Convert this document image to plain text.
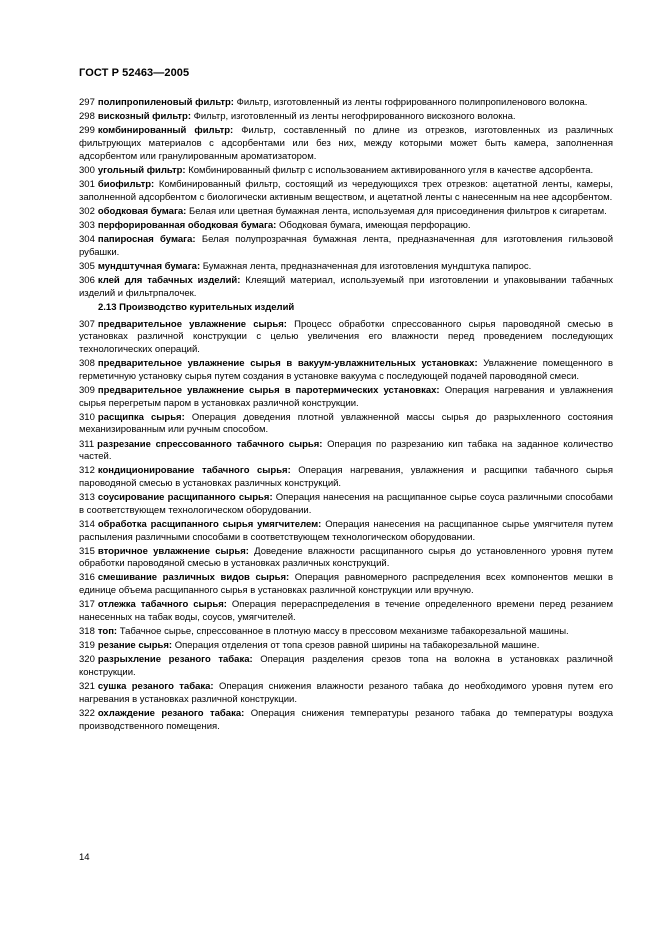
ГОСТ Р 52463—2005
297 полипропиленовый фильтр: Фильтр, изготовленный из ленты гофрированного полипропиленового волокна.
298 вискозный фильтр: Фильтр, изготовленный из ленты негофрированного вискозного волокна.
299 комбинированный фильтр: Фильтр, составленный по длине из отрезков, изготовленных из различных фильтрующих материалов с адсорбентами или без них, между которыми может быть камера, заполненная адсорбентом или гранулированным ароматизатором.
300 угольный фильтр: Комбинированный фильтр с использованием активированного угля в качестве адсорбента.
301 биофильтр: Комбинированный фильтр, состоящий из чередующихся трех отрезков: ацетатной ленты, камеры, заполненной адсорбентом с биологически активным веществом, и ацетатной ленты с нанесенным на нее адсорбентом.
302 ободковая бумага: Белая или цветная бумажная лента, используемая для присоединения фильтров к сигаретам.
303 перфорированная ободковая бумага: Ободковая бумага, имеющая перфорацию.
304 папиросная бумага: Белая полупрозрачная бумажная лента, предназначенная для изготовления гильзовой рубашки.
305 мундштучная бумага: Бумажная лента, предназначенная для изготовления мундштука папирос.
306 клей для табачных изделий: Клеящий материал, используемый при изготовлении и упаковывании табачных изделий и фильтрпалочек.
2.13 Производство курительных изделий
307 предварительное увлажнение сырья: Процесс обработки спрессованного сырья пароводяной смесью в установках различной конструкции с целью увеличения его влажности перед проведением последующих технологических операций.
308 предварительное увлажнение сырья в вакуум-увлажнительных установках: Увлажнение помещенного в герметичную установку сырья путем создания в установке вакуума с последующей подачей пароводяной смеси.
309 предварительное увлажнение сырья в паротермических установках: Операция нагревания и увлажнения сырья перегретым паром в установках различной конструкции.
310 расщипка сырья: Операция доведения плотной увлажненной массы сырья до разрыхленного состояния механизированным или ручным способом.
311 разрезание спрессованного табачного сырья: Операция по разрезанию кип табака на заданное количество частей.
312 кондиционирование табачного сырья: Операция нагревания, увлажнения и расщипки табачного сырья пароводяной смесью в установках различных конструкций.
313 соусирование расщипанного сырья: Операция нанесения на расщипанное сырье соуса различными способами в соответствующем технологическом оборудовании.
314 обработка расщипанного сырья умягчителем: Операция нанесения на расщипанное сырье умягчителя путем распыления различными способами в соответствующем технологическом оборудовании.
315 вторичное увлажнение сырья: Доведение влажности расщипанного сырья до установленного уровня путем обработки пароводяной смесью в установках различных конструкций.
316 смешивание различных видов сырья: Операция равномерного распределения всех компонентов мешки в единице объема расщипанного сырья в установках различной конструкции или вручную.
317 отлежка табачного сырья: Операция перераспределения в течение определенного времени перед резанием нанесенных на табак воды, соусов, умягчителей.
318 топ: Табачное сырье, спрессованное в плотную массу в прессовом механизме табакорезальной машины.
319 резание сырья: Операция отделения от топа срезов равной ширины на табакорезальной машине.
320 разрыхление резаного табака: Операция разделения срезов топа на волокна в установках различной конструкции.
321 сушка резаного табака: Операция снижения влажности резаного табака до необходимого уровня путем его нагревания в установках различной конструкции.
322 охлаждение резаного табака: Операция снижения температуры резаного табака до температуры воздуха производственного помещения.
14
